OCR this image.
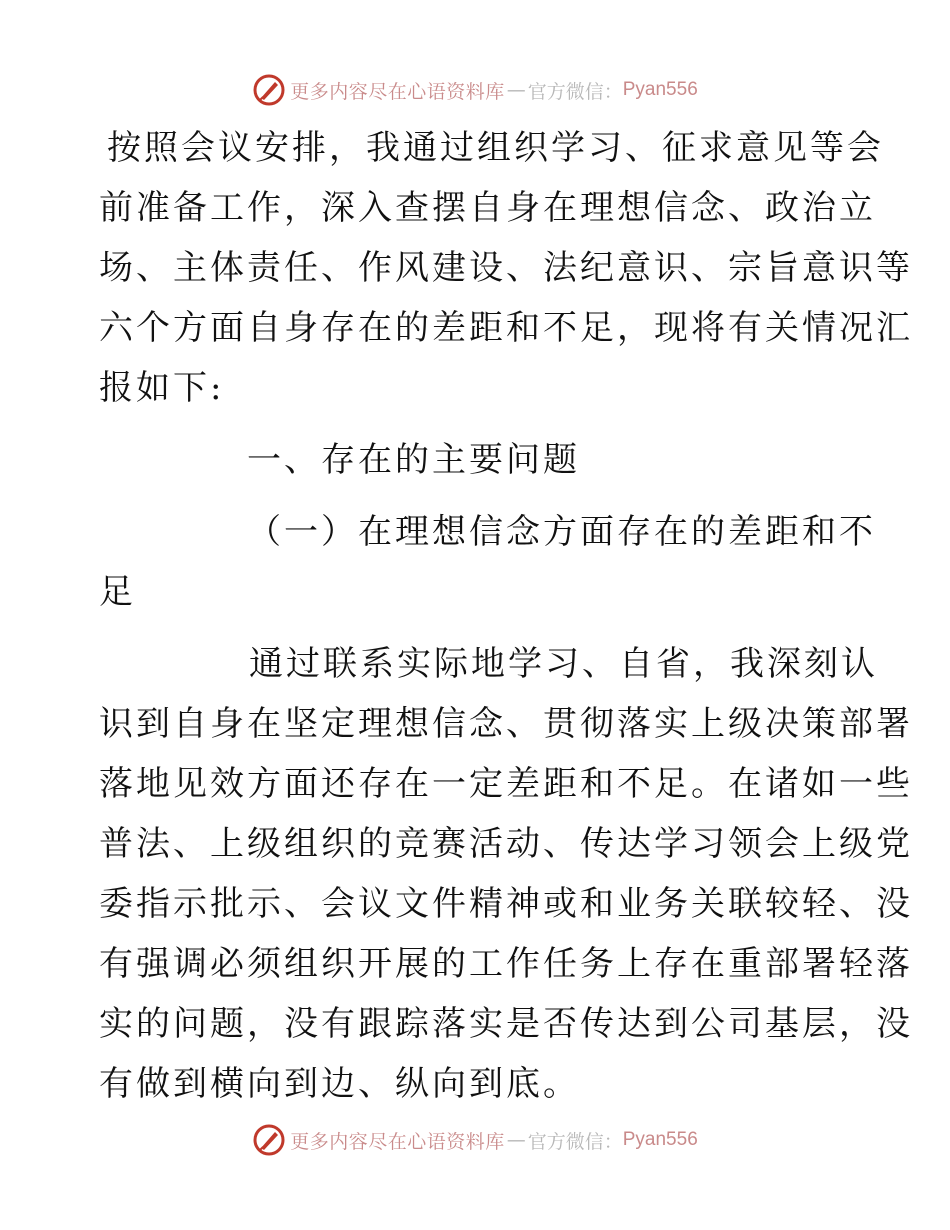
更多内容尽在心语资料库 — 官方微信： Pyan556
按照会议安排，我通过组织学习、征求意见等会
前准备工作，深入查摆自身在理想信念、政治立
场、主体责任、作风建设、法纪意识、宗旨意识等
六个方面自身存在的差距和不足，现将有关情况汇
报如下:
一、存在的主要问题
（一）在理想信念方面存在的差距和不
足
通过联系实际地学习、自省，我深刻认
识到自身在坚定理想信念、贯彻落实上级决策部署
落地见效方面还存在一定差距和不足。在诸如一些
普法、上级组织的竞赛活动、传达学习领会上级党
委指示批示、会议文件精神或和业务关联较轻、没
有强调必须组织开展的工作任务上存在重部署轻落
实的问题，没有跟踪落实是否传达到公司基层，没
有做到横向到边、纵向到底。
更多内容尽在心语资料库 — 官方微信： Pyan556
